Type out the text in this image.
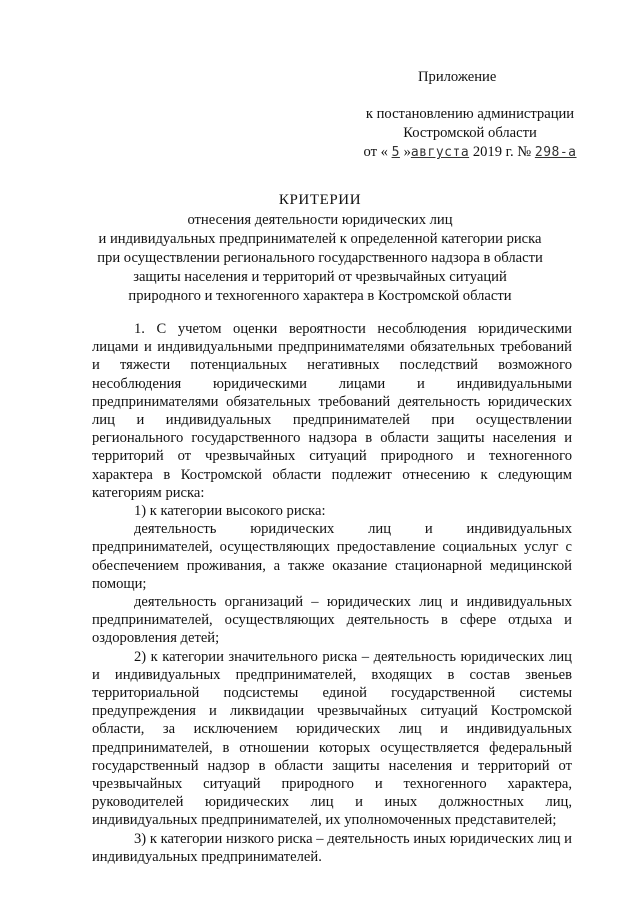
Приложение
к постановлению администрации
Костромской области
от « 5 »августа 2019 г. № 298-а
КРИТЕРИИ
отнесения деятельности юридических лиц
и индивидуальных предпринимателей к определенной категории риска
при осуществлении регионального государственного надзора в области
защиты населения и территорий от чрезвычайных ситуаций
природного и техногенного характера в Костромской области

1. С учетом оценки вероятности несоблюдения юридическими лицами и индивидуальными предпринимателями обязательных требований и тяжести потенциальных негативных последствий возможного несоблюдения юридическими лицами и индивидуальными предпринимателями обязательных требований деятельность юридических лиц и индивидуальных предпринимателей при осуществлении регионального государственного надзора в области защиты населения и территорий от чрезвычайных ситуаций природного и техногенного характера в Костромской области подлежит отнесению к следующим категориям риска:

1) к категории высокого риска:

деятельность юридических лиц и индивидуальных предпринимателей, осуществляющих предоставление социальных услуг с обеспечением проживания, а также оказание стационарной медицинской помощи;

деятельность организаций – юридических лиц и индивидуальных предпринимателей, осуществляющих деятельность в сфере отдыха и оздоровления детей;

2) к категории значительного риска – деятельность юридических лиц и индивидуальных предпринимателей, входящих в состав звеньев территориальной подсистемы единой государственной системы предупреждения и ликвидации чрезвычайных ситуаций Костромской области, за исключением юридических лиц и индивидуальных предпринимателей, в отношении которых осуществляется федеральный государственный надзор в области защиты населения и территорий от чрезвычайных ситуаций природного и техногенного характера, руководителей юридических лиц и иных должностных лиц, индивидуальных предпринимателей, их уполномоченных представителей;

3) к категории низкого риска – деятельность иных юридических лиц и индивидуальных предпринимателей.
